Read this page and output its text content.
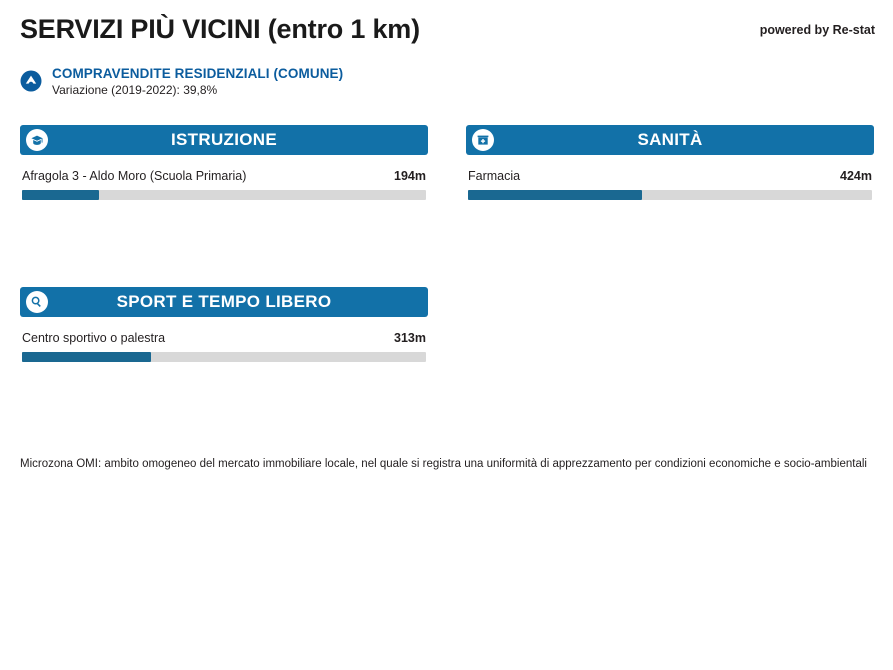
SERVIZI PIÙ VICINI (entro 1 km)	powered by Re-stat
COMPRAVENDITE RESIDENZIALI (COMUNE)
Variazione (2019-2022): 39,8%
ISTRUZIONE
Afragola 3 - Aldo Moro (Scuola Primaria)	194m
SANITÀ
Farmacia	424m
SPORT E TEMPO LIBERO
Centro sportivo o palestra	313m
Microzona OMI: ambito omogeneo del mercato immobiliare locale, nel quale si registra una uniformità di apprezzamento per condizioni economiche e socio-ambientali
